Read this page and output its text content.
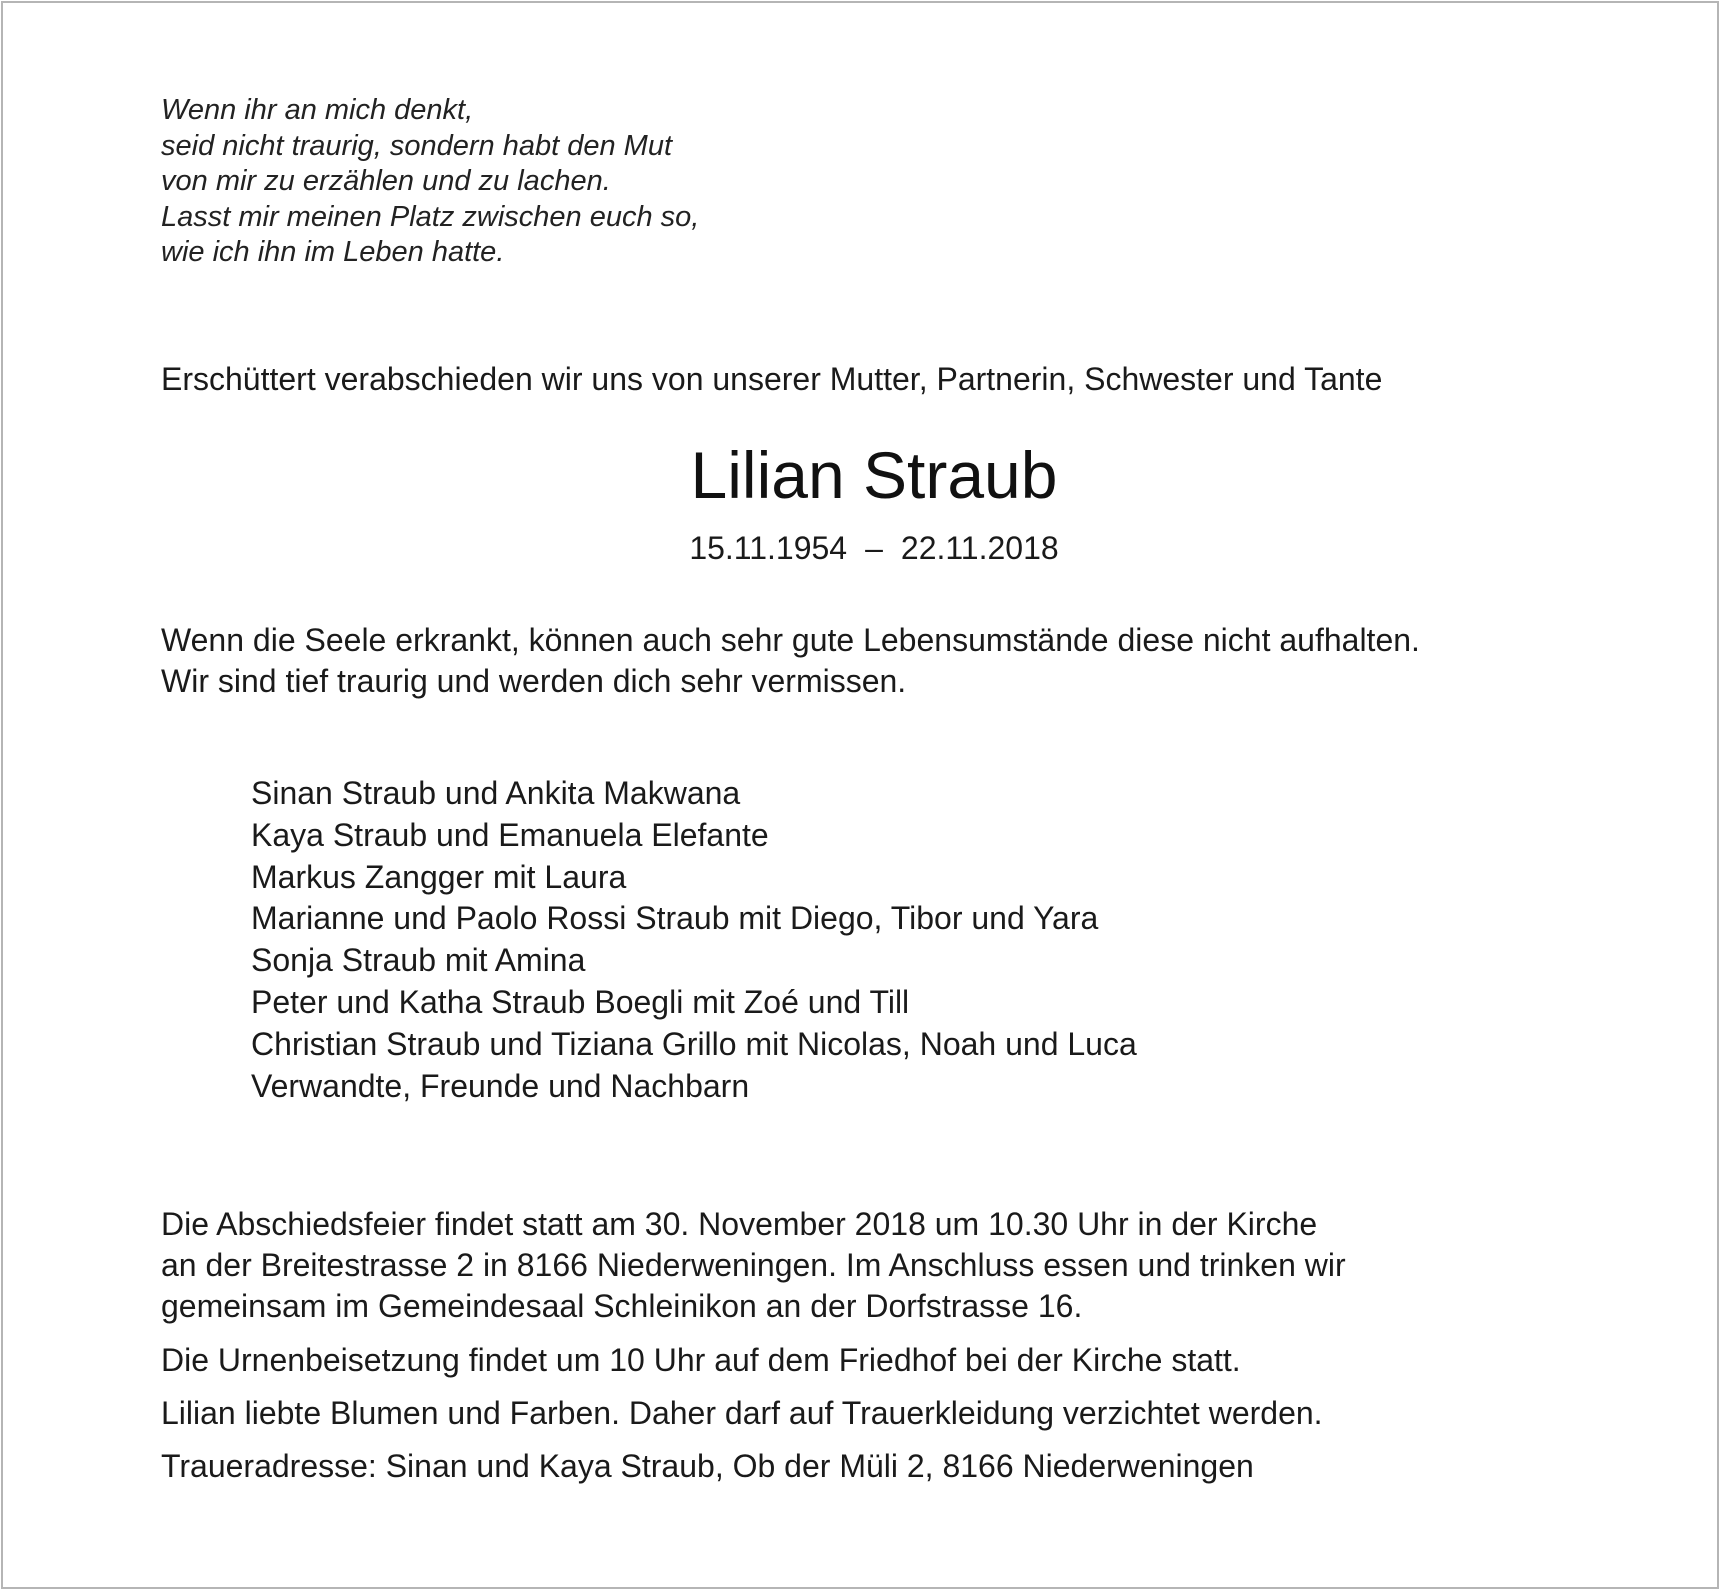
Wenn ihr an mich denkt,
seid nicht traurig, sondern habt den Mut
von mir zu erzählen und zu lachen.
Lasst mir meinen Platz zwischen euch so,
wie ich ihn im Leben hatte.

Erschüttert verabschieden wir uns von unserer Mutter, Partnerin, Schwester und Tante

Lilian Straub
15.11.1954 – 22.11.2018
Wenn die Seele erkrankt, können auch sehr gute Lebensumstände diese nicht aufhalten.
Wir sind tief traurig und werden dich sehr vermissen.
Sinan Straub und Ankita Makwana
Kaya Straub und Emanuela Elefante
Markus Zangger mit Laura
Marianne und Paolo Rossi Straub mit Diego, Tibor und Yara
Sonja Straub mit Amina
Peter und Katha Straub Boegli mit Zoé und Till
Christian Straub und Tiziana Grillo mit Nicolas, Noah und Luca
Verwandte, Freunde und Nachbarn
Die Abschiedsfeier findet statt am 30. November 2018 um 10.30 Uhr in der Kirche
an der Breitestrasse 2 in 8166 Niederweningen. Im Anschluss essen und trinken wir
gemeinsam im Gemeindesaal Schleinikon an der Dorfstrasse 16.

Die Urnenbeisetzung findet um 10 Uhr auf dem Friedhof bei der Kirche statt.

Lilian liebte Blumen und Farben. Daher darf auf Trauerkleidung verzichtet werden.

Traueradresse: Sinan und Kaya Straub, Ob der Müli 2, 8166 Niederweningen
